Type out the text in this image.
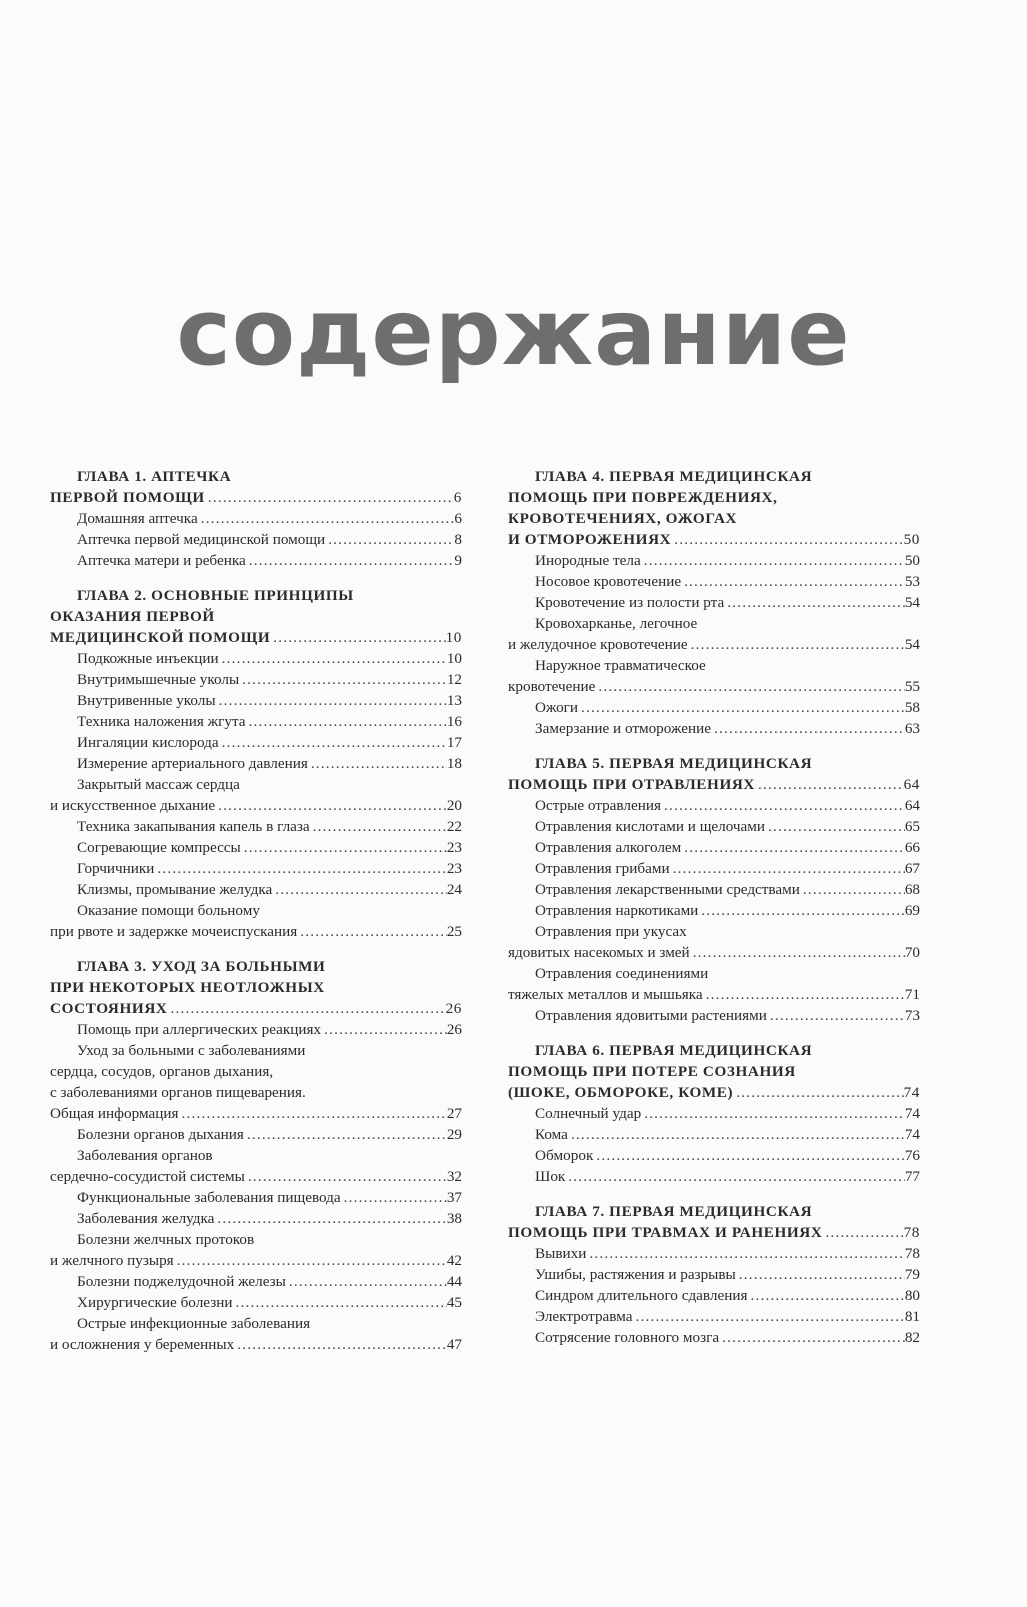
содержание
ГЛАВА 1. АПТЕЧКА
ПЕРВОЙ ПОМОЩИ .....	6
Домашняя аптечка .....	6
Аптечка первой медицинской помощи .....	8
Аптечка матери и ребенка .....	9
ГЛАВА 2. ОСНОВНЫЕ ПРИНЦИПЫ
ОКАЗАНИЯ ПЕРВОЙ
МЕДИЦИНСКОЙ ПОМОЩИ .....	10
Подкожные инъекции .....	10
Внутримышечные уколы .....	12
Внутривенные уколы .....	13
Техника наложения жгута .....	16
Ингаляции кислорода .....	17
Измерение артериального давления .....	18
Закрытый массаж сердца
и искусственное дыхание .....	20
Техника закапывания капель в глаза .....	22
Согревающие компрессы .....	23
Горчичники .....	23
Клизмы, промывание желудка .....	24
Оказание помощи больному
при рвоте и задержке мочеиспускания .....	25
ГЛАВА 3. УХОД ЗА БОЛЬНЫМИ
ПРИ НЕКОТОРЫХ НЕОТЛОЖНЫХ
СОСТОЯНИЯХ .....	26
Помощь при аллергических реакциях .....	26
Уход за больными с заболеваниями
сердца, сосудов, органов дыхания,
с заболеваниями органов пищеварения.
Общая информация .....	27
Болезни органов дыхания .....	29
Заболевания органов
сердечно-сосудистой системы .....	32
Функциональные заболевания пищевода .....	37
Заболевания желудка .....	38
Болезни желчных протоков
и желчного пузыря .....	42
Болезни поджелудочной железы .....	44
Хирургические болезни .....	45
Острые инфекционные заболевания
и осложнения у беременных .....	47
ГЛАВА 4. ПЕРВАЯ МЕДИЦИНСКАЯ
ПОМОЩЬ ПРИ ПОВРЕЖДЕНИЯХ,
КРОВОТЕЧЕНИЯХ, ОЖОГАХ
И ОТМОРОЖЕНИЯХ .....	50
Инородные тела .....	50
Носовое кровотечение .....	53
Кровотечение из полости рта .....	54
Кровохарканье, легочное
и желудочное кровотечение .....	54
Наружное травматическое
кровотечение .....	55
Ожоги .....	58
Замерзание и отморожение .....	63
ГЛАВА 5. ПЕРВАЯ МЕДИЦИНСКАЯ
ПОМОЩЬ ПРИ ОТРАВЛЕНИЯХ .....	64
Острые отравления .....	64
Отравления кислотами и щелочами .....	65
Отравления алкоголем .....	66
Отравления грибами .....	67
Отравления лекарственными средствами .....	68
Отравления наркотиками .....	69
Отравления при укусах
ядовитых насекомых и змей .....	70
Отравления соединениями
тяжелых металлов и мышьяка .....	71
Отравления ядовитыми растениями .....	73
ГЛАВА 6. ПЕРВАЯ МЕДИЦИНСКАЯ
ПОМОЩЬ ПРИ ПОТЕРЕ СОЗНАНИЯ
(ШОКЕ, ОБМОРОКЕ, КОМЕ) .....	74
Солнечный удар .....	74
Кома .....	74
Обморок .....	76
Шок .....	77
ГЛАВА 7. ПЕРВАЯ МЕДИЦИНСКАЯ
ПОМОЩЬ ПРИ ТРАВМАХ И РАНЕНИЯХ .....	78
Вывихи .....	78
Ушибы, растяжения и разрывы .....	79
Синдром длительного сдавления .....	80
Электротравма .....	81
Сотрясение головного мозга .....	82
